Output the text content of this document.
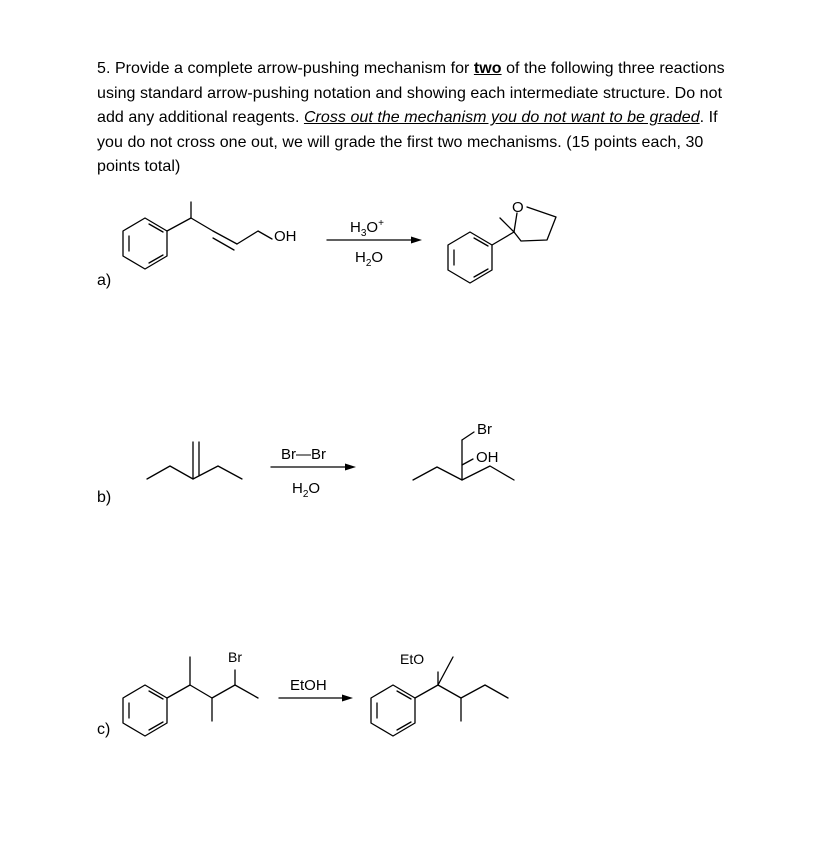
5. Provide a complete arrow-pushing mechanism for two of the following three reactions using standard arrow-pushing notation and showing each intermediate structure. Do not add any additional reagents. Cross out the mechanism you do not want to be graded. If you do not cross one out, we will grade the first two mechanisms. (15 points each, 30 points total)
a)
b)
c)
OH
$H_3O^+$
$H_2O$
O
Br—Br
$H_2O$
Br
OH
Br
EtOH
EtO
